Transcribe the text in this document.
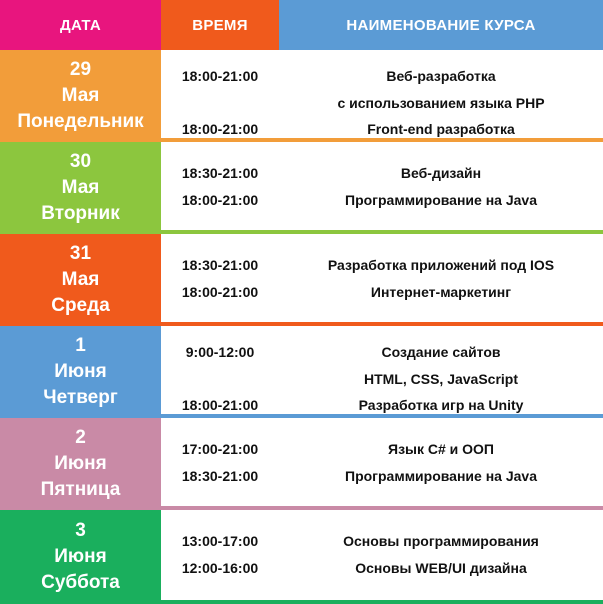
ДАТА	ВРЕМЯ	НАИМЕНОВАНИЕ КУРСА
29
Мая
Понедельник
18:00-21:00	Веб-разработка
с использованием языка PHP
18:00-21:00	Front-end разработка
30
Мая
Вторник
18:30-21:00	Веб-дизайн
18:00-21:00	Программирование на Java
31
Мая
Среда
18:30-21:00	Разработка приложений под IOS
18:00-21:00	Интернет-маркетинг
1
Июня
Четверг
9:00-12:00	Создание сайтов
HTML, CSS, JavaScript
18:00-21:00	Разработка игр на Unity
2
Июня
Пятница
17:00-21:00	Язык С# и ООП
18:30-21:00	Программирование на Java
3
Июня
Суббота
13:00-17:00	Основы программирования
12:00-16:00	Основы WEB/UI дизайна
